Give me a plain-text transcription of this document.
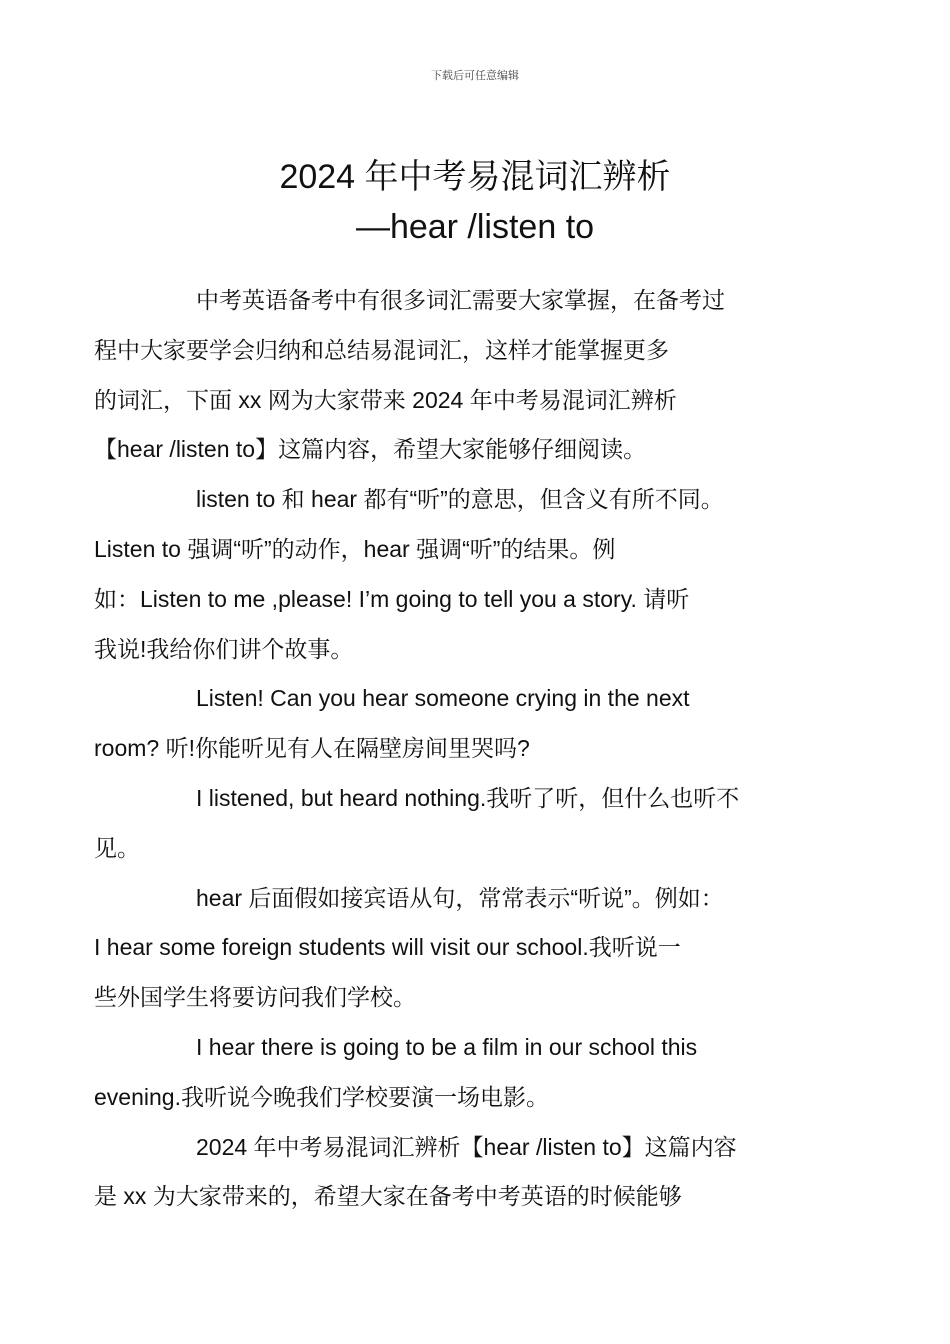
下载后可任意编辑
2024 年中考易混词汇辨析
—hear /listen to

中考英语备考中有很多词汇需要大家掌握，在备考过
程中大家要学会归纳和总结易混词汇，这样才能掌握更多
的词汇，下面 xx 网为大家带来 2024 年中考易混词汇辨析
【hear /listen to】这篇内容，希望大家能够仔细阅读。

listen to 和 hear 都有“听”的意思，但含义有所不同。
Listen to 强调“听”的动作，hear 强调“听”的结果。例
如：Listen to me ,please! I’m going to tell you a story. 请听
我说!我给你们讲个故事。

Listen! Can you hear someone crying in the next
room? 听!你能听见有人在隔壁房间里哭吗?

I listened, but heard nothing.我听了听，但什么也听不
见。

hear 后面假如接宾语从句，常常表示“听说”。例如：
I hear some foreign students will visit our school.我听说一
些外国学生将要访问我们学校。

I hear there is going to be a film in our school this
evening.我听说今晚我们学校要演一场电影。

2024 年中考易混词汇辨析【hear /listen to】这篇内容
是 xx 为大家带来的，希望大家在备考中考英语的时候能够
